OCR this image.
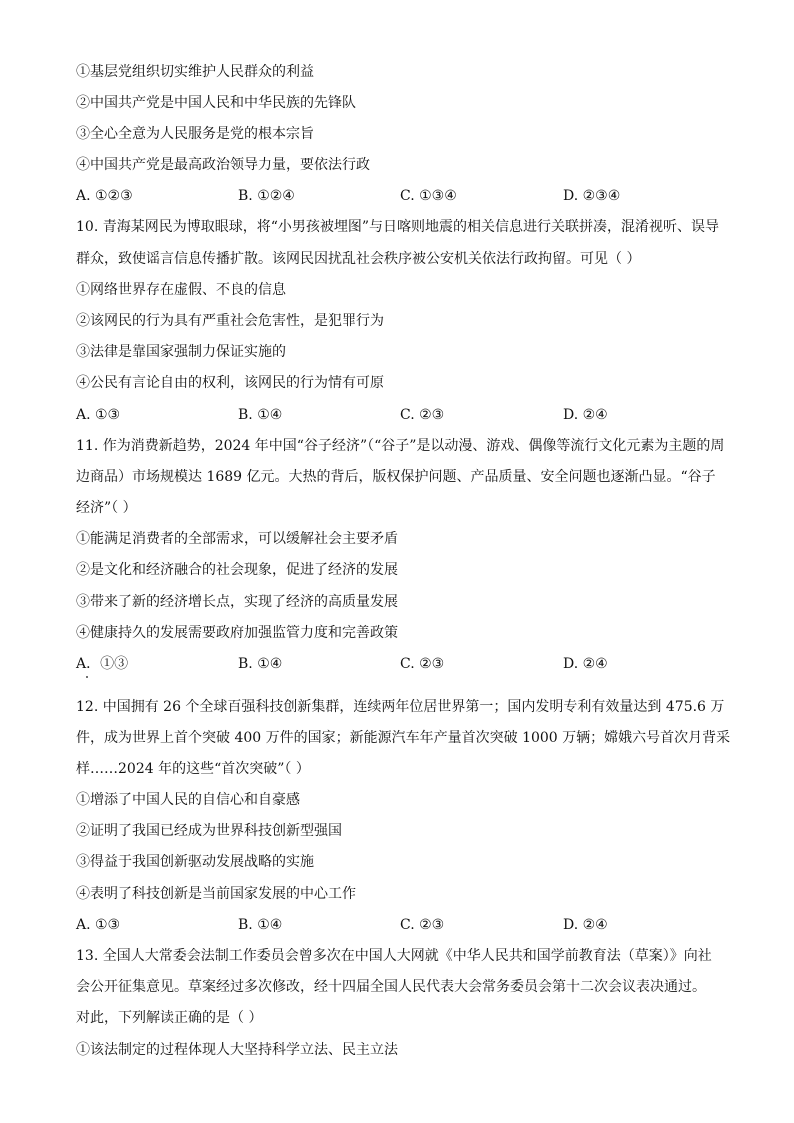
①基层党组织切实维护人民群众的利益
②中国共产党是中国人民和中华民族的先锋队
③全心全意为人民服务是党的根本宗旨
④中国共产党是最高政治领导力量，要依法行政
A. ①②③	B. ①②④	C. ①③④	D. ②③④
10. 青海某网民为博取眼球，将“小男孩被埋图”与日喀则地震的相关信息进行关联拼凑，混淆视听、误导
群众，致使谣言信息传播扩散。该网民因扰乱社会秩序被公安机关依法行政拘留。可见（ ）
①网络世界存在虚假、不良的信息
②该网民的行为具有严重社会危害性，是犯罪行为
③法律是靠国家强制力保证实施的
④公民有言论自由的权利，该网民的行为情有可原
A. ①③	B. ①④	C. ②③	D. ②④
11. 作为消费新趋势，2024 年中国“谷子经济”（“谷子”是以动漫、游戏、偶像等流行文化元素为主题的周
边商品）市场规模达 1689 亿元。大热的背后，版权保护问题、产品质量、安全问题也逐渐凸显。“谷子
经济”（ ）
①能满足消费者的全部需求，可以缓解社会主要矛盾
②是文化和经济融合的社会现象，促进了经济的发展
③带来了新的经济增长点，实现了经济的高质量发展
④健康持久的发展需要政府加强监管力度和完善政策
A．①③	B. ①④	C. ②③	D. ②④
12. 中国拥有 26 个全球百强科技创新集群，连续两年位居世界第一；国内发明专利有效量达到 475.6 万
件，成为世界上首个突破 400 万件的国家；新能源汽车年产量首次突破 1000 万辆；嫦娥六号首次月背采
样……2024 年的这些“首次突破”（ ）
①增添了中国人民的自信心和自豪感
②证明了我国已经成为世界科技创新型强国
③得益于我国创新驱动发展战略的实施
④表明了科技创新是当前国家发展的中心工作
A. ①③	B. ①④	C. ②③	D. ②④
13. 全国人大常委会法制工作委员会曾多次在中国人大网就《中华人民共和国学前教育法（草案）》向社
会公开征集意见。草案经过多次修改，经十四届全国人民代表大会常务委员会第十二次会议表决通过。
对此，下列解读正确的是（ ）
①该法制定的过程体现人大坚持科学立法、民主立法
